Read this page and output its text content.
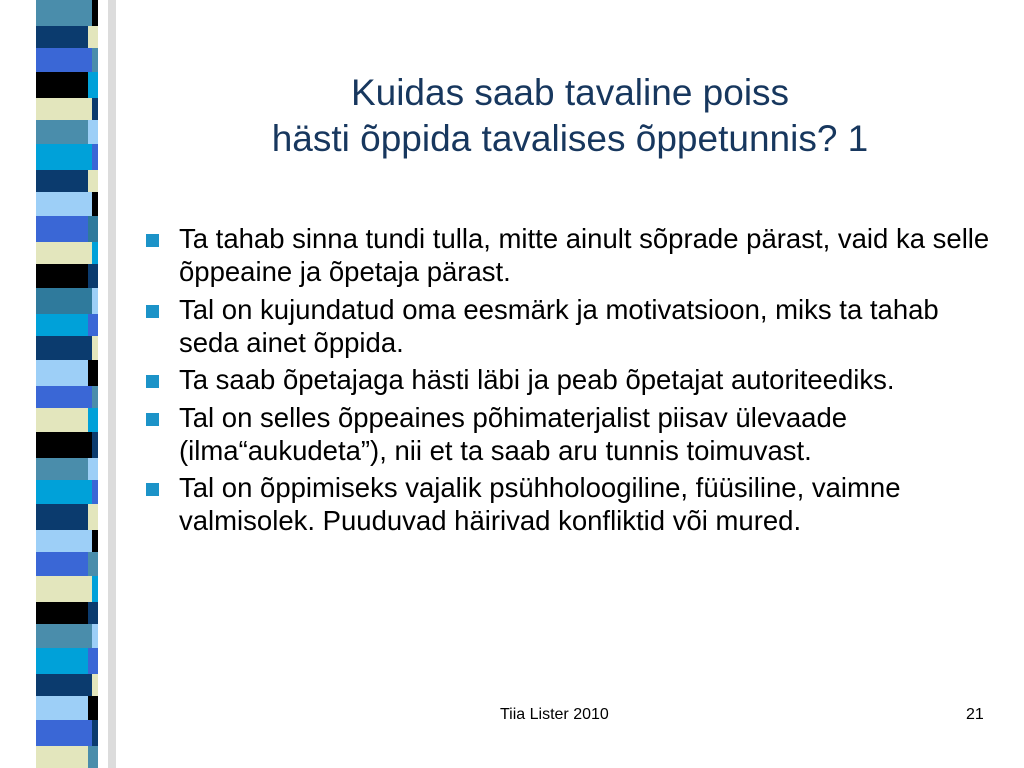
Kuidas saab tavaline poiss
hästi õppida tavalises õppetunnis? 1
Ta tahab sinna tundi tulla, mitte ainult sõprade pärast, vaid ka selle õppeaine ja õpetaja pärast.
Tal on kujundatud oma eesmärk ja motivatsioon, miks ta tahab seda ainet õppida.
Ta saab õpetajaga hästi läbi ja peab õpetajat autoriteediks.
Tal on selles õppeaines põhimaterjalist piisav ülevaade (ilma“aukudeta”), nii et ta saab aru tunnis toimuvast.
Tal on õppimiseks vajalik psühholoogiline, füüsiline, vaimne valmisolek. Puuduvad häirivad konfliktid või mured.
Tiia Lister 2010	21
